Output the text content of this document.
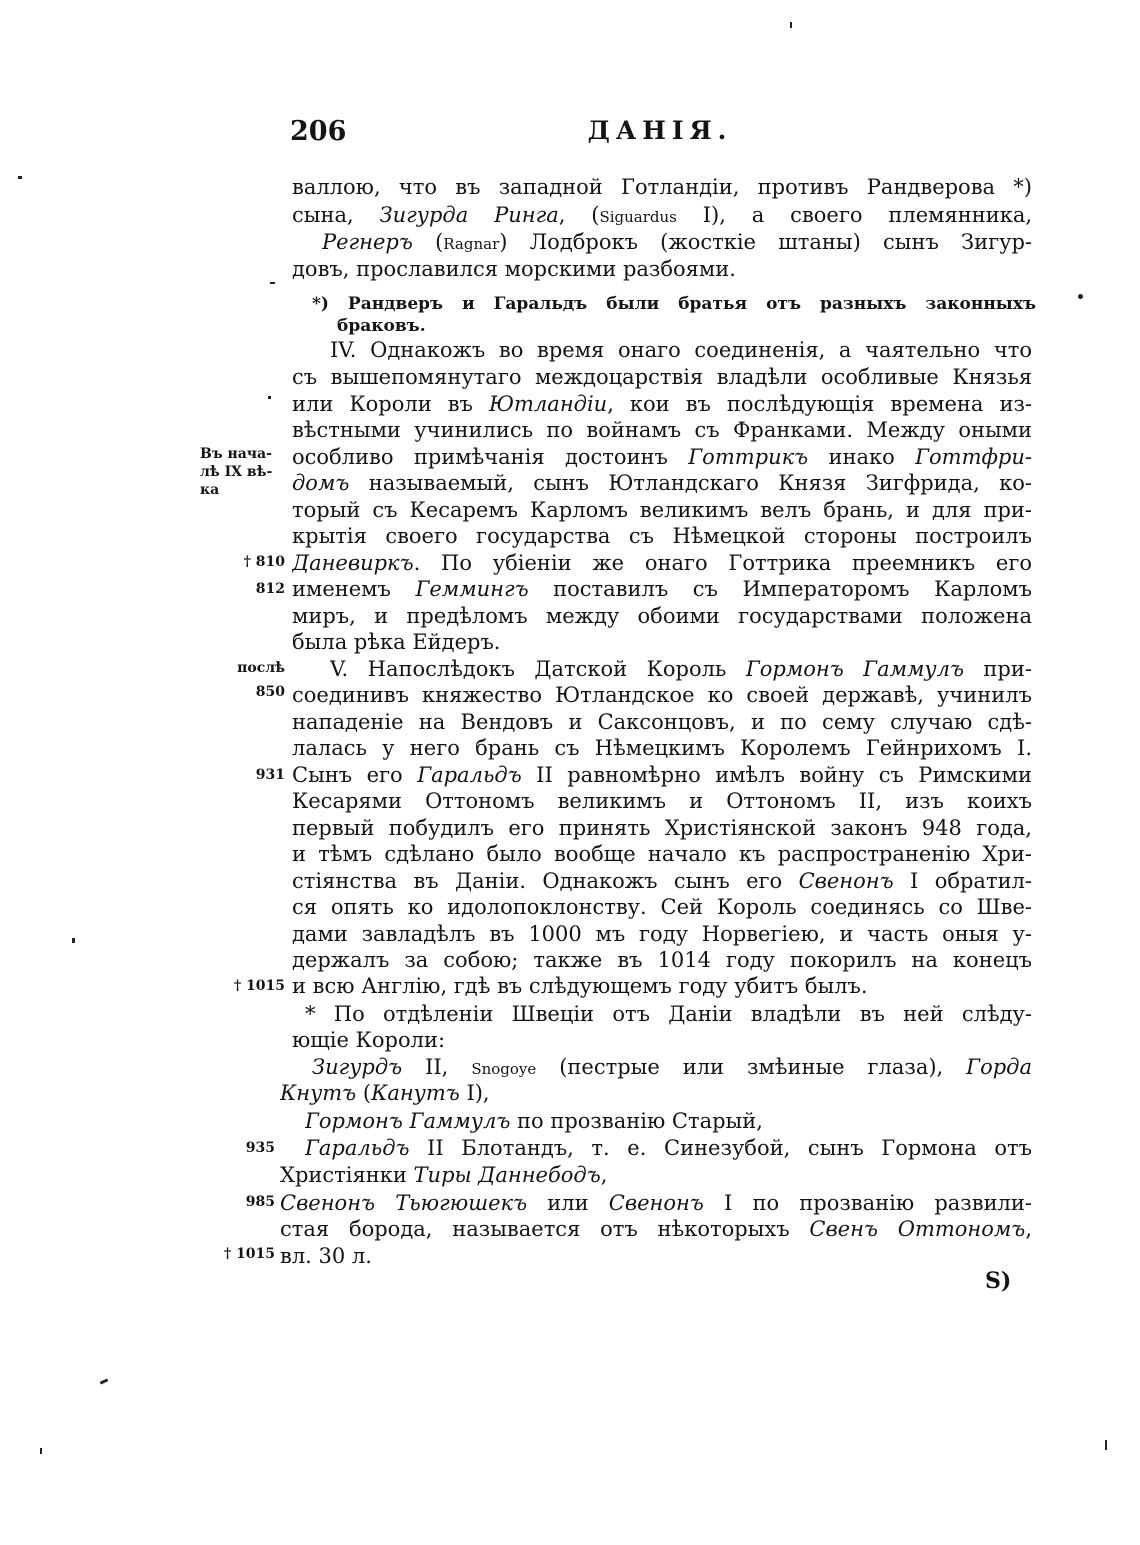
206	ДАНІЯ.
валлою, что въ западной Готландіи, противъ Рандверова *)
сына, Зигурда Ринга, (Siguardus I), а своего племянника,
Регнеръ (Ragnar) Лодброкъ (жосткіе штаны) сынъ Зигур-
довъ, прославился морскими разбоями.
*) Рандверъ и Гаральдъ были братья отъ разныхъ законныхъ
браковъ.
IV. Однакожъ во время онаго соединенія, а чаятельно что
съ вышепомянутаго междоцарствія владѣли особливые Князья
или Короли въ Ютландіи, кои въ послѣдующія времена из-
вѣстными учинились по войнамъ съ Франками. Между оными
особливо примѣчанія достоинъ Готтрикъ инако Готтфри-
домъ называемый, сынъ Ютландскаго Князя Зигфрида, ко-
торый съ Кесаремъ Карломъ великимъ велъ брань, и для при-
крытія своего государства съ Нѣмецкой стороны построилъ
Даневиркъ. По убіеніи же онаго Готтрика преемникъ его
именемъ Геммингъ поставилъ съ Императоромъ Карломъ
миръ, и предѣломъ между обоими государствами положена
была рѣка Ейдеръ.
V. Напослѣдокъ Датской Король Гормонъ Гаммулъ при-
соединивъ княжество Ютландское ко своей державѣ, учинилъ
нападеніе на Вендовъ и Саксонцовъ, и по сему случаю сдѣ-
лалась у него брань съ Нѣмецкимъ Королемъ Гейнрихомъ I.
Сынъ его Гаральдъ II равномѣрно имѣлъ войну съ Римскими
Кесарями Оттономъ великимъ и Оттономъ II, изъ коихъ
первый побудилъ его принять Христіянской законъ 948 года,
и тѣмъ сдѣлано было вообще начало къ распространенію Хри-
стіянства въ Даніи. Однакожъ сынъ его Свенонъ I обратил-
ся опять ко идолопоклонству. Сей Король соединясь со Шве-
дами завладѣлъ въ 1000 мъ году Норвегіею, и часть оныя у-
держалъ за собою; также въ 1014 году покорилъ на конецъ
и всю Англію, гдѣ въ слѣдующемъ году убитъ былъ.
* По отдѣленіи Швеціи отъ Даніи владѣли въ ней слѣду-
ющіе Короли:
Зигурдъ II, Snogoye (пестрые или змѣиные глаза), Горда
Кнутъ (Канутъ I),
Гормонъ Гаммулъ по прозванію Старый,
Гаральдъ II Блотандъ, т. е. Синезубой, сынъ Гормона отъ
Христіянки Тиры Даннебодъ,
Свенонъ Тьюгюшекъ или Свенонъ I по прозванію развили-
стая борода, называется отъ нѣкоторыхъ Свенъ Оттономъ,
вл. 30 л.
Въ нача-
лѣ IX вѣ-
ка
† 810
812
послѣ
850
931
† 1015
935
985
† 1015
S)
